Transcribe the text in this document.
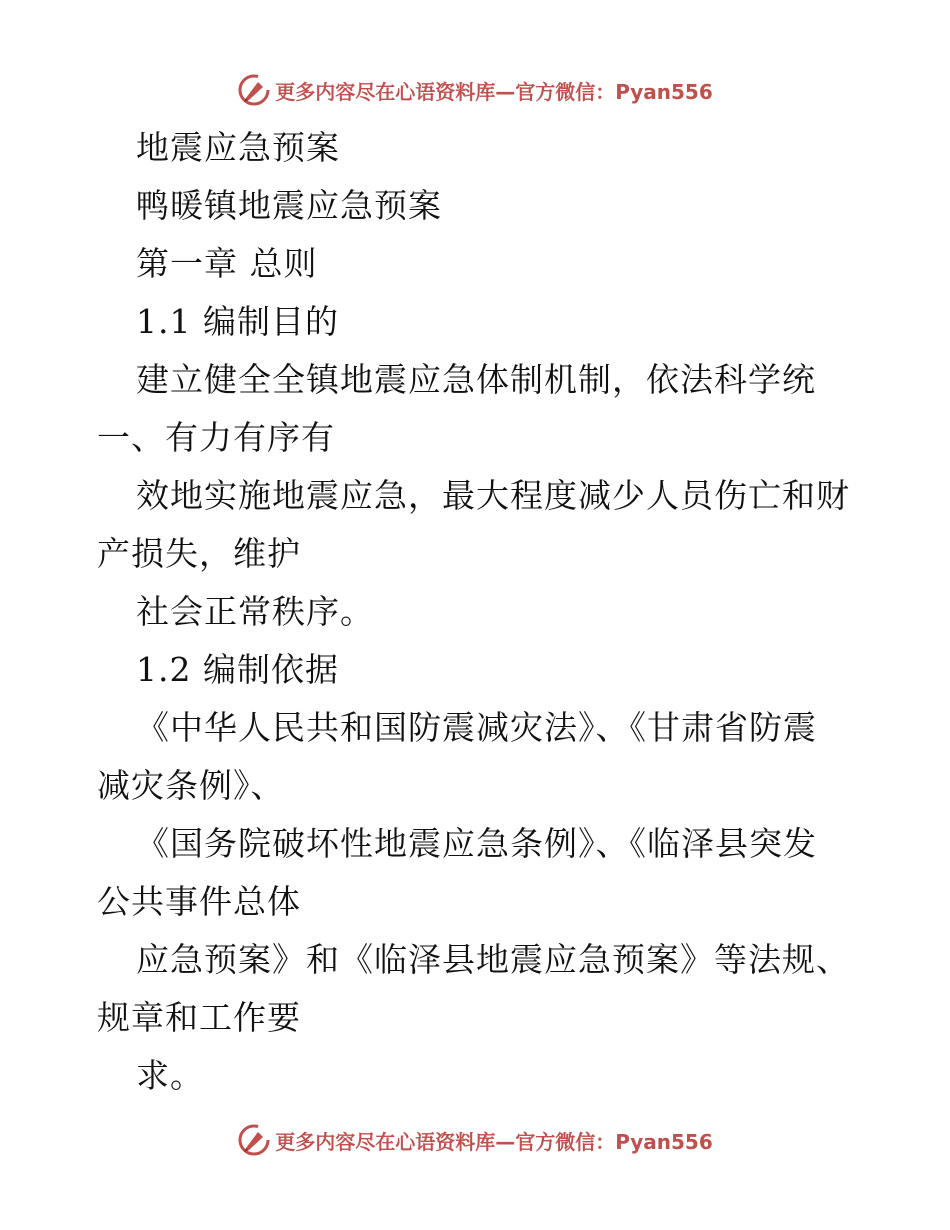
更多内容尽在心语资料库—官方微信：Pyan556
地震应急预案
鸭暖镇地震应急预案
第一章 总则
1.1 编制目的
建立健全全镇地震应急体制机制，依法科学统
一、有力有序有
效地实施地震应急，最大程度减少人员伤亡和财
产损失，维护
社会正常秩序。
1.2 编制依据
《中华人民共和国防震减灾法》、《甘肃省防震
减灾条例》、
《国务院破坏性地震应急条例》、《临泽县突发
公共事件总体
应急预案》和《临泽县地震应急预案》等法规、
规章和工作要
求。
更多内容尽在心语资料库—官方微信：Pyan556
